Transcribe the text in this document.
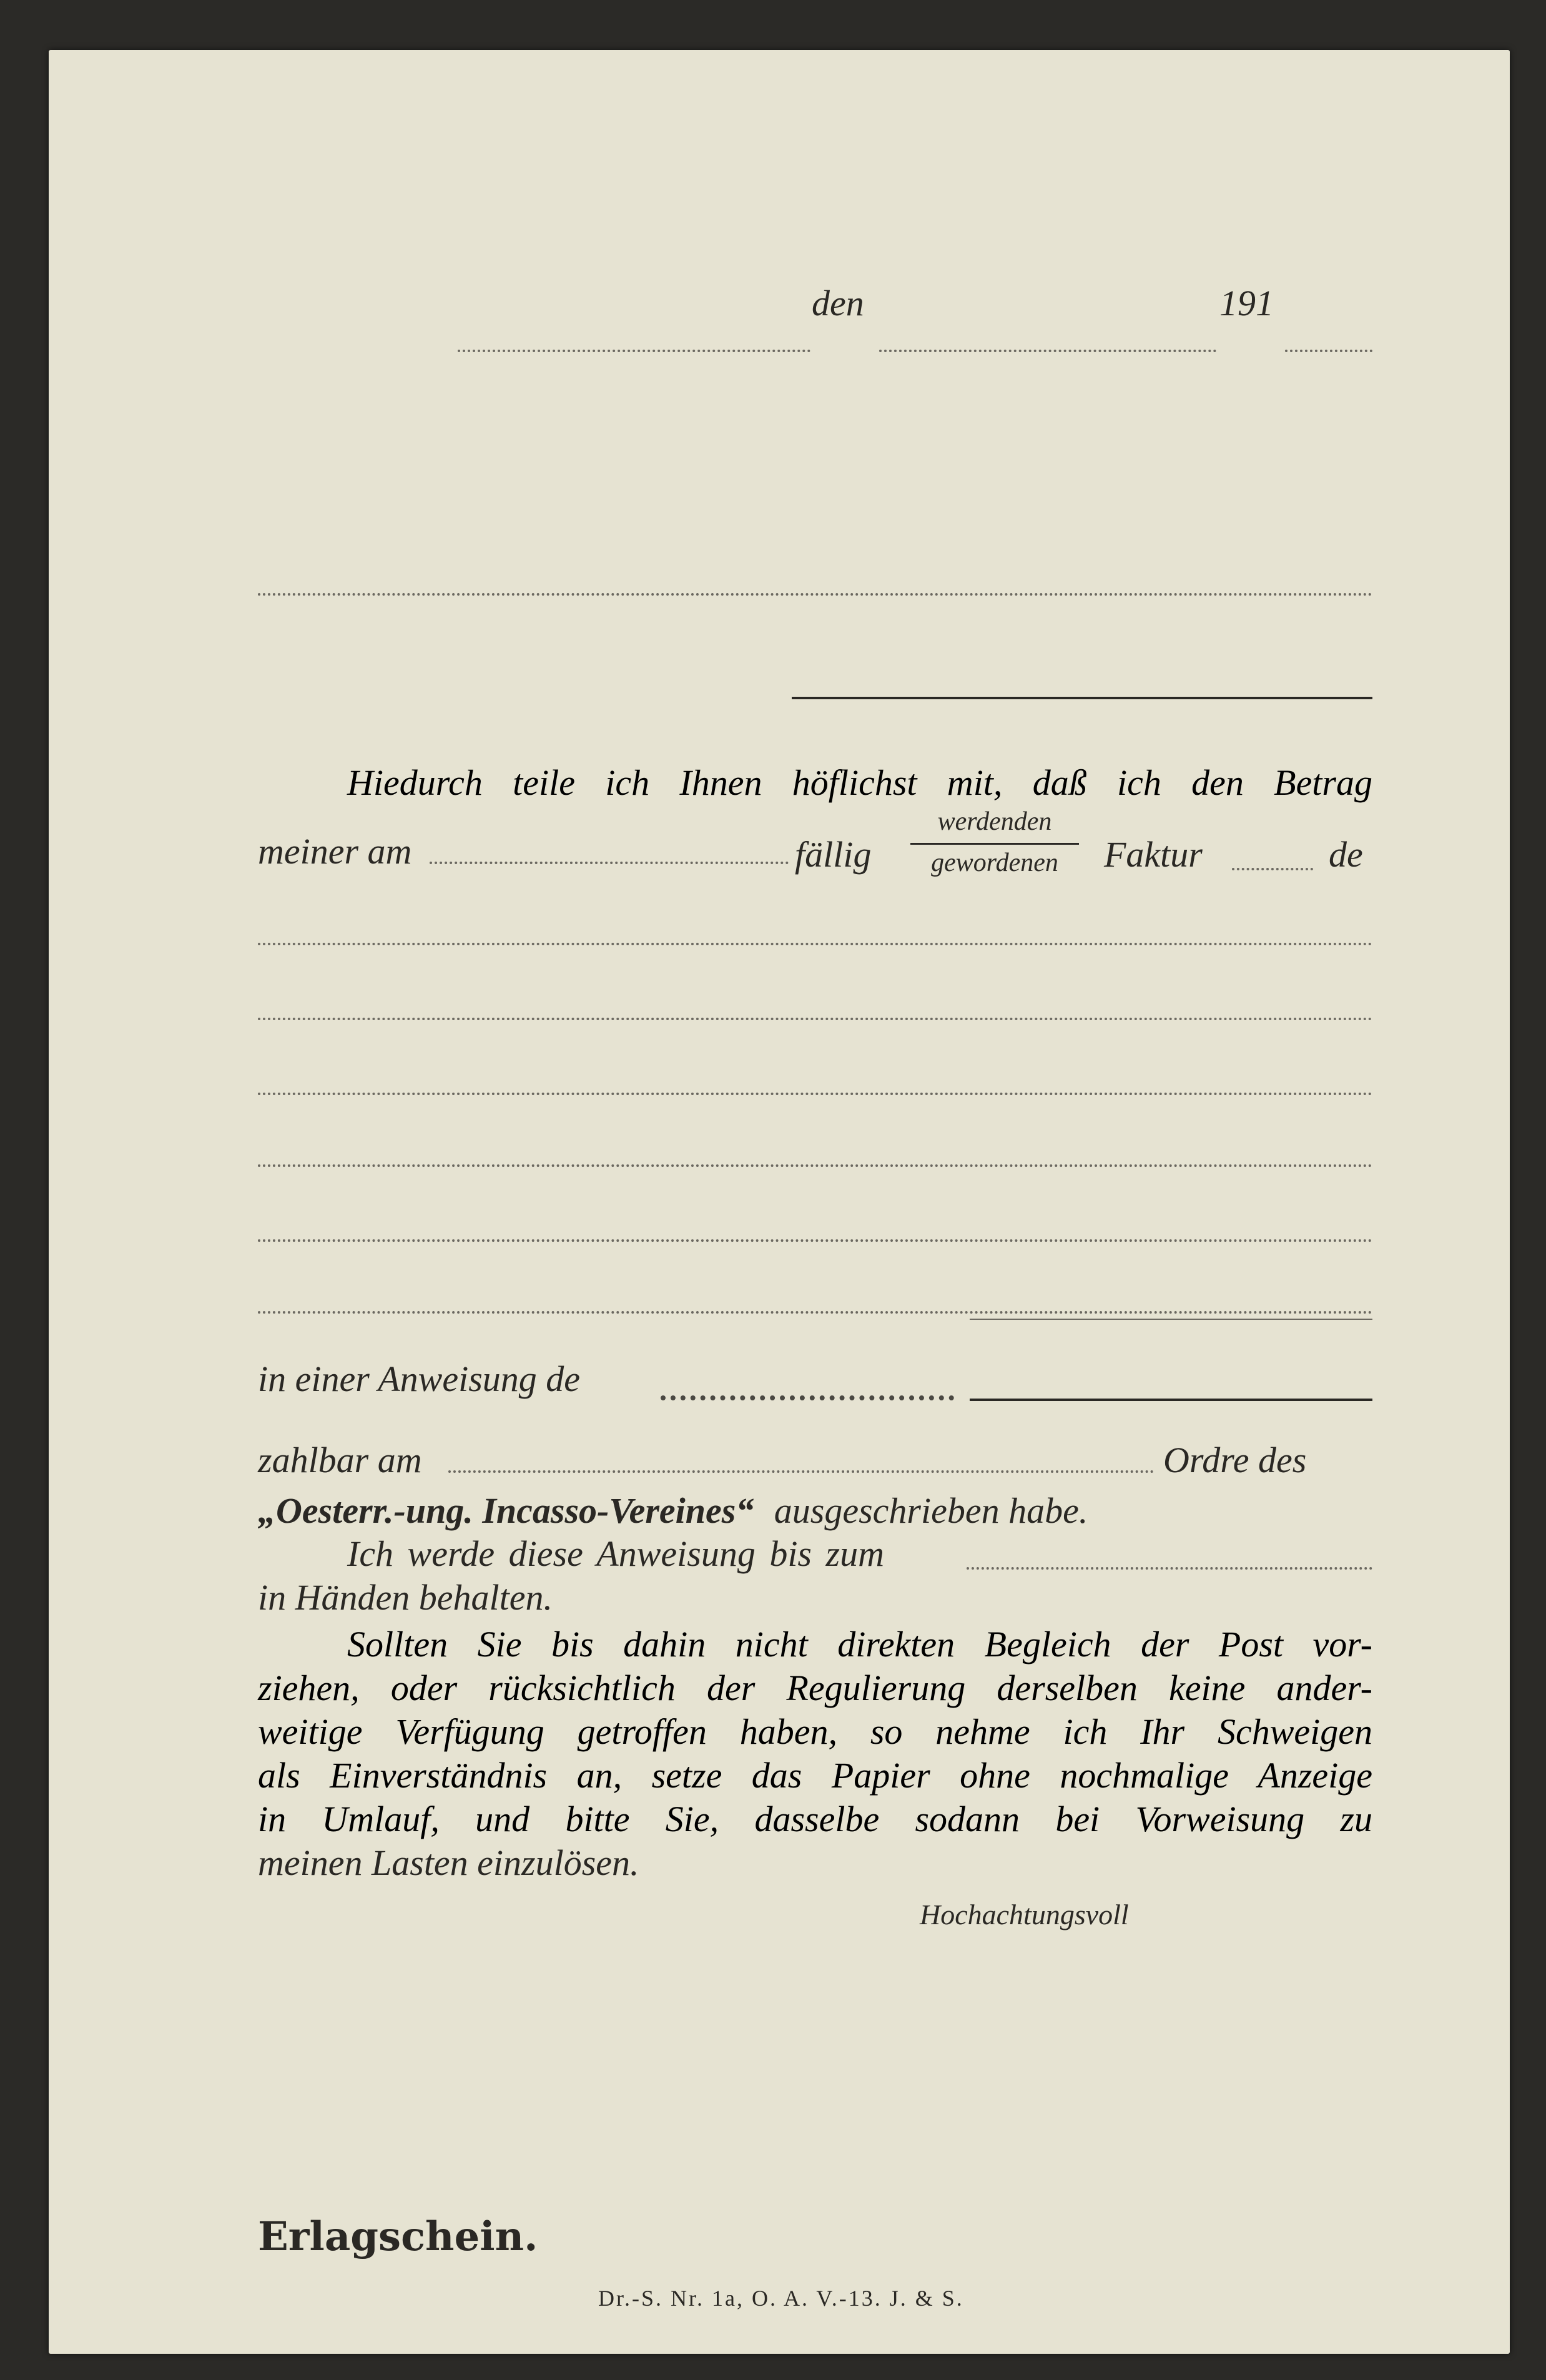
den	191
Hiedurch teile ich Ihnen höflichst mit, daß ich den Betrag
meiner am	fällig
werdenden
gewordenen	Faktur	de
in einer Anweisung de
zahlbar am	Ordre des
„Oesterr.-ung. Incasso-Vereines“ ausgeschrieben habe.
Ich werde diese Anweisung bis zum
in Händen behalten.
Sollten Sie bis dahin nicht direkten Begleich der Post vor-
ziehen, oder rücksichtlich der Regulierung derselben keine ander-
weitige Verfügung getroffen haben, so nehme ich Ihr Schweigen
als Einverständnis an, setze das Papier ohne nochmalige Anzeige
in Umlauf, und bitte Sie, dasselbe sodann bei Vorweisung zu
meinen Lasten einzulösen.
Hochachtungsvoll
Erlagschein.
Dr.-S. Nr. 1a, O. A. V.-13. J. & S.
